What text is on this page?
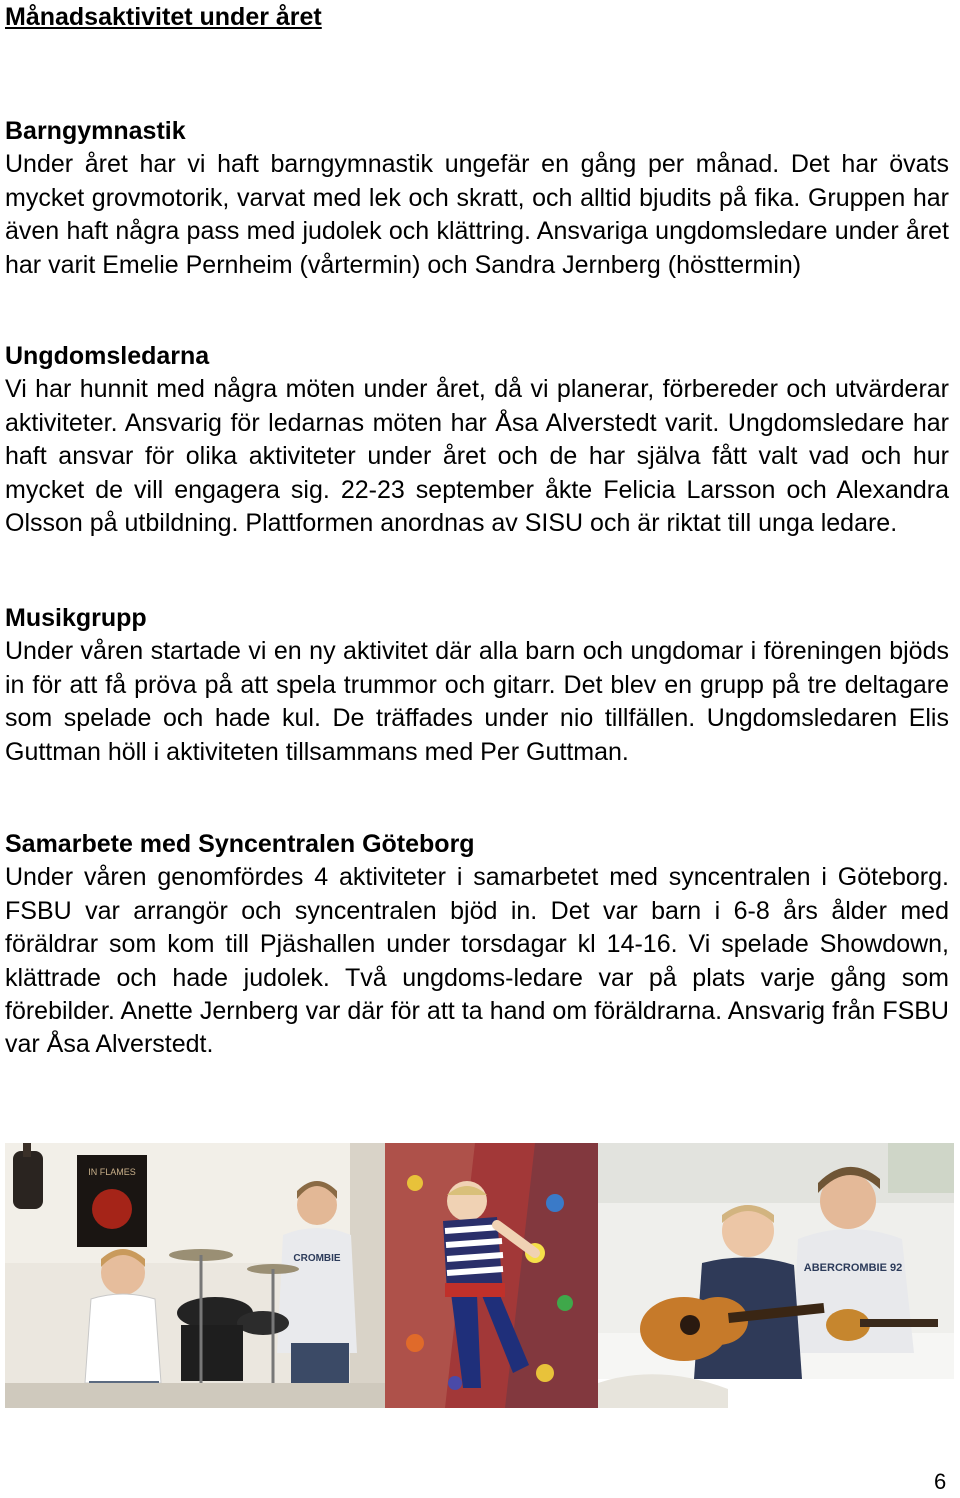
Månadsaktivitet under året
Barngymnastik

Under året har vi haft barngymnastik ungefär en gång per månad. Det har övats mycket grovmotorik, varvat med lek och skratt, och alltid bjudits på fika. Gruppen har även haft några pass med judolek och klättring. Ansvariga ungdomsledare under året har varit Emelie Pernheim (vårtermin) och Sandra Jernberg (hösttermin)

Ungdomsledarna

Vi har hunnit med några möten under året, då vi planerar, förbereder och utvärderar aktiviteter. Ansvarig för ledarnas möten har Åsa Alverstedt varit. Ungdomsledare har haft ansvar för olika aktiviteter under året och de har själva fått valt vad och hur mycket de vill engagera sig. 22-23 september åkte Felicia Larsson och Alexandra Olsson på utbildning. Plattformen anordnas av SISU och är riktat till unga ledare.

Musikgrupp

Under våren startade vi en ny aktivitet där alla barn och ungdomar i föreningen bjöds in för att få pröva på att spela trummor och gitarr. Det blev en grupp på tre deltagare som spelade och hade kul. De träffades under nio tillfällen. Ungdomsledaren Elis Guttman höll i aktiviteten tillsammans med Per Guttman.

Samarbete med Syncentralen Göteborg

Under våren genomfördes 4 aktiviteter i samarbetet med syncentralen i Göteborg. FSBU var arrangör och syncentralen bjöd in. Det var barn i 6-8 års ålder med föräldrar som kom till Pjäshallen under torsdagar kl 14-16. Vi spelade Showdown, klättrade och hade judolek. Två ungdoms-ledare var på plats varje gång som förebilder. Anette Jernberg var där för att ta hand om föräldrarna. Ansvarig från FSBU var Åsa Alverstedt.

IN FLAMES
CROMBIE
ABERCROMBIE 92
6
